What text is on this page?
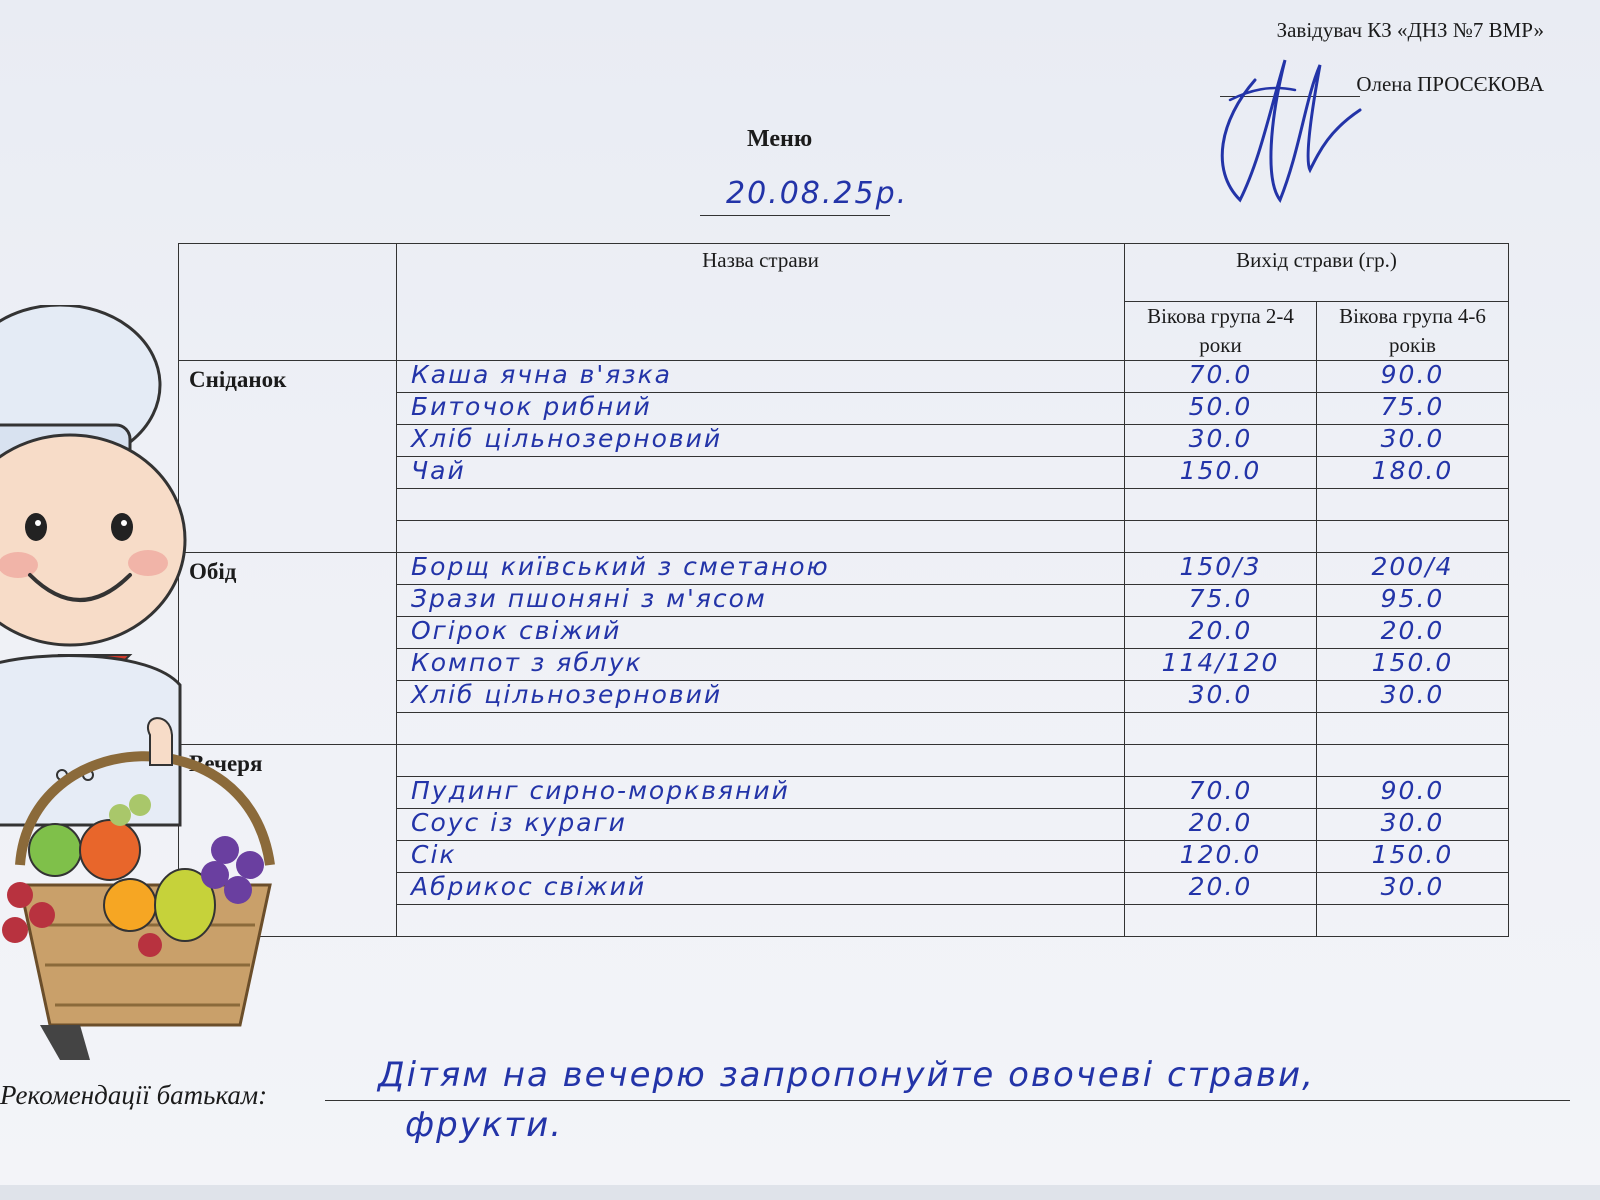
Завідувач КЗ «ДНЗ №7 ВМР»
Олена ПРОСЄКОВА
Меню
20.08.25р.
	Назва страви	Вихід страви (гр.)	
		Вікова група 2-4 роки	Вікова група 4-6 років
Сніданок	Каша ячна в'язка	70.0	90.0
	Биточок рибний	50.0	75.0
	Хліб цільнозерновий	30.0	30.0
	Чай	150.0	180.0

Обід	Борщ київський з сметаною	150/3	200/4
	Зрази пшоняні з м'ясом	75.0	95.0
	Огірок свіжий	20.0	20.0
	Компот з яблук	114/120	150.0
	Хліб цільнозерновий	30.0	30.0

Вечеря			
	Пудинг сирно-морквяний	70.0	90.0
	Соус із кураги	20.0	30.0
	Сік	120.0	150.0
	Абрикос свіжий	20.0	30.0

Рекомендації батькам:	Дітям на вечерю запропонуйте овочеві страви,
фрукти.
